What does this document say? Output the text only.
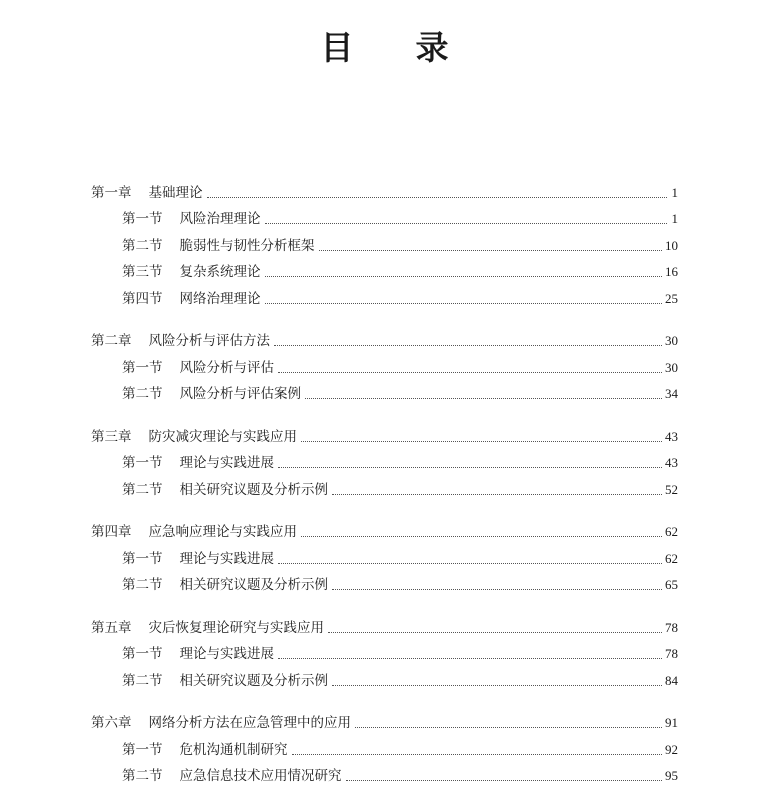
目 录
第一章 基础理论	1
第一节 风险治理理论	1
第二节 脆弱性与韧性分析框架	10
第三节 复杂系统理论	16
第四节 网络治理理论	25
第二章 风险分析与评估方法	30
第一节 风险分析与评估	30
第二节 风险分析与评估案例	34
第三章 防灾减灾理论与实践应用	43
第一节 理论与实践进展	43
第二节 相关研究议题及分析示例	52
第四章 应急响应理论与实践应用	62
第一节 理论与实践进展	62
第二节 相关研究议题及分析示例	65
第五章 灾后恢复理论研究与实践应用	78
第一节 理论与实践进展	78
第二节 相关研究议题及分析示例	84
第六章 网络分析方法在应急管理中的应用	91
第一节 危机沟通机制研究	92
第二节 应急信息技术应用情况研究	95
